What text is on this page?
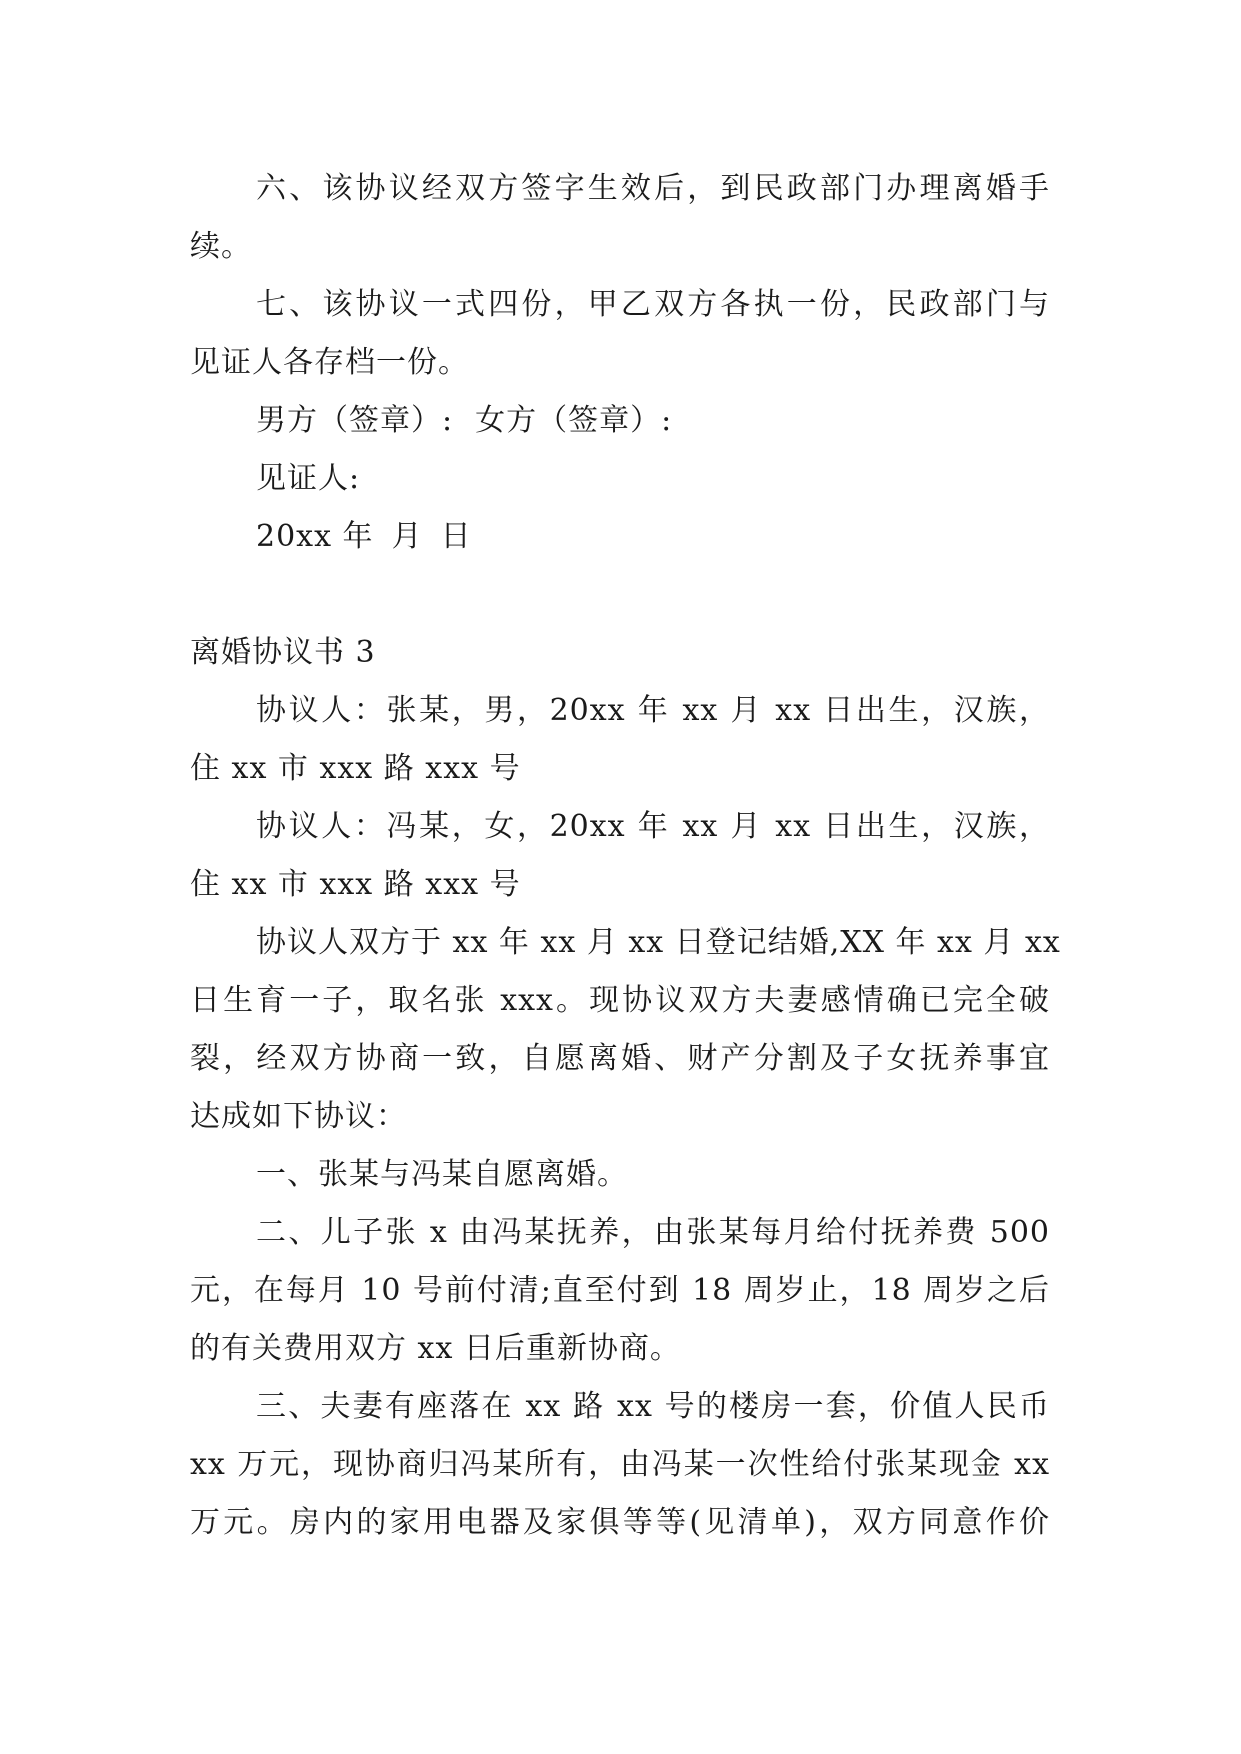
六、该协议经双方签字生效后，到民政部门办理离婚手
续。
七、该协议一式四份，甲乙双方各执一份，民政部门与
见证人各存档一份。
男方（签章）: 女方（签章）:
见证人:
20xx 年 月 日
离婚协议书 3
协议人：张某，男，20xx 年 xx 月 xx 日出生，汉族，
住 xx 市 xxx 路 xxx 号
协议人：冯某，女，20xx 年 xx 月 xx 日出生，汉族，
住 xx 市 xxx 路 xxx 号
协议人双方于 xx 年 xx 月 xx 日登记结婚,XX 年 xx 月 xx
日生育一子，取名张 xxx。现协议双方夫妻感情确已完全破
裂，经双方协商一致，自愿离婚、财产分割及子女抚养事宜
达成如下协议：
一、张某与冯某自愿离婚。
二、儿子张 x 由冯某抚养，由张某每月给付抚养费 500
元，在每月 10 号前付清;直至付到 18 周岁止，18 周岁之后
的有关费用双方 xx 日后重新协商。
三、夫妻有座落在 xx 路 xx 号的楼房一套，价值人民币
xx 万元，现协商归冯某所有，由冯某一次性给付张某现金 xx
万元。房内的家用电器及家俱等等(见清单)，双方同意作价
